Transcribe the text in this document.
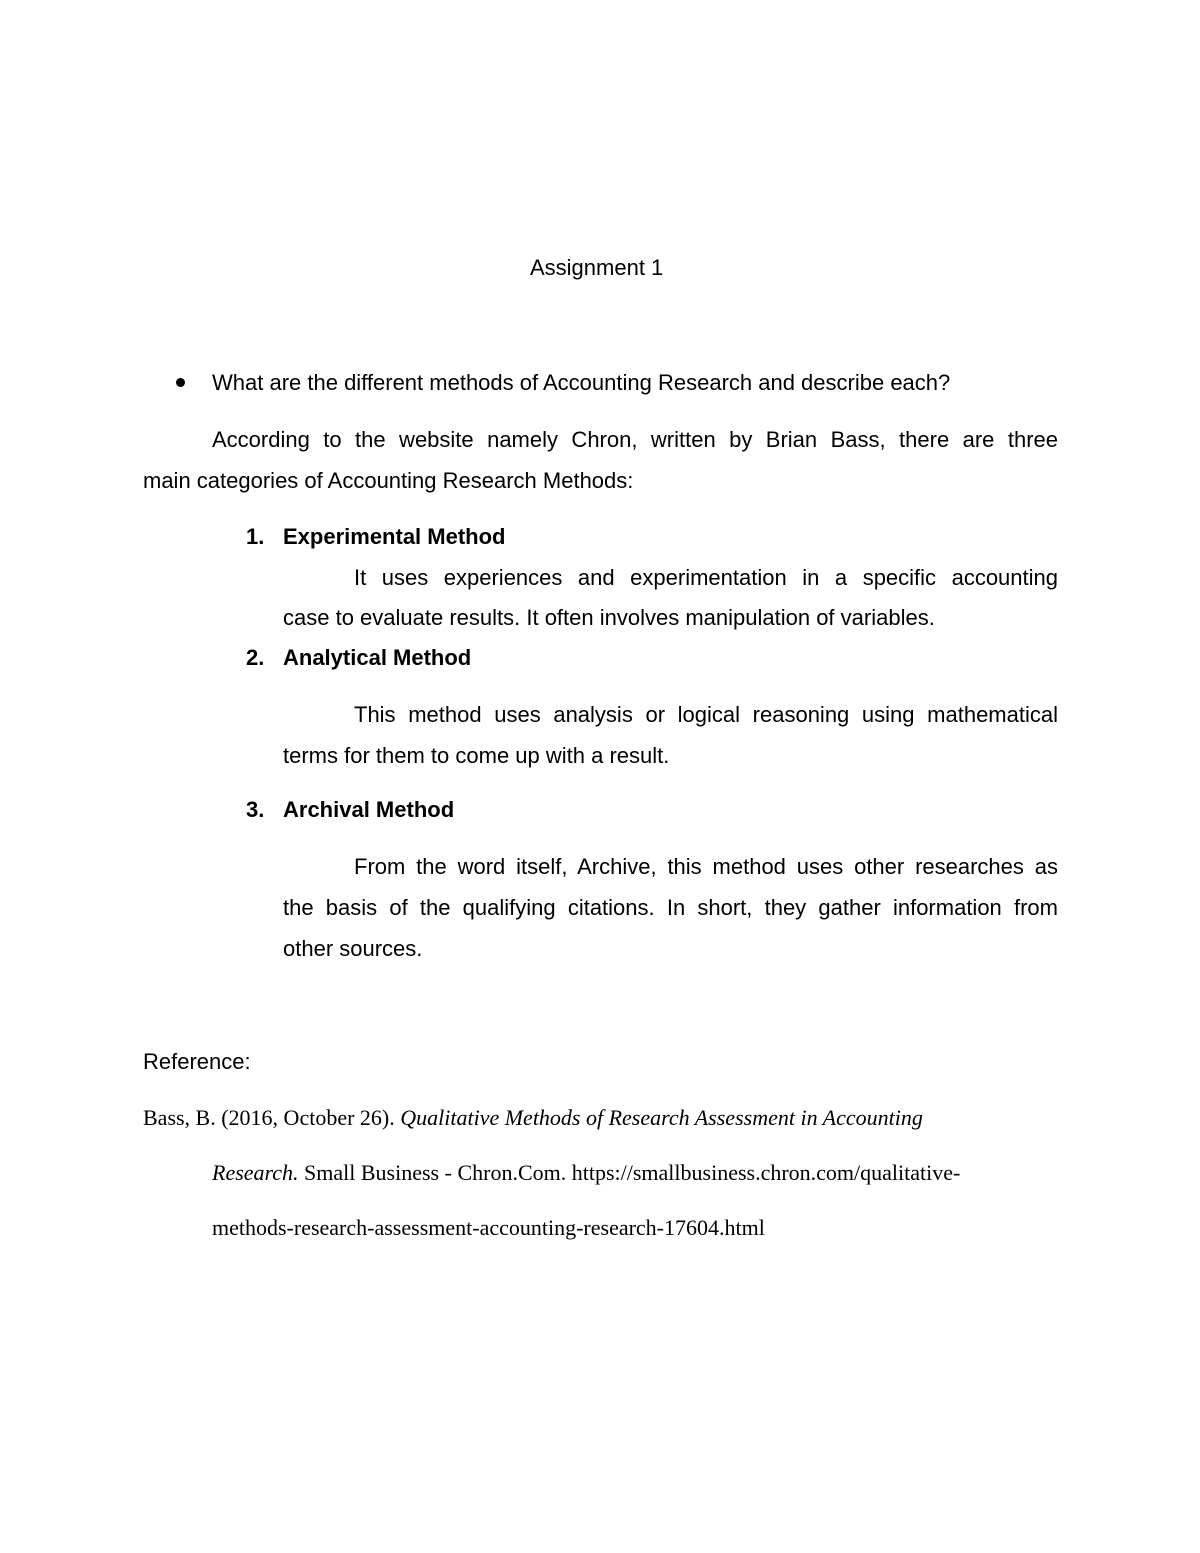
Assignment 1
What are the different methods of Accounting Research and describe each?
According to the website namely Chron, written by Brian Bass, there are three
main categories of Accounting Research Methods:
1. Experimental Method
It uses experiences and experimentation in a specific accounting
case to evaluate results. It often involves manipulation of variables.
2. Analytical Method
This method uses analysis or logical reasoning using mathematical
terms for them to come up with a result.
3. Archival Method
From the word itself, Archive, this method uses other researches as
the basis of the qualifying citations. In short, they gather information from
other sources.
Reference:
Bass, B. (2016, October 26). Qualitative Methods of Research Assessment in Accounting
Research. Small Business - Chron.Com. https://smallbusiness.chron.com/qualitative-
methods-research-assessment-accounting-research-17604.html
